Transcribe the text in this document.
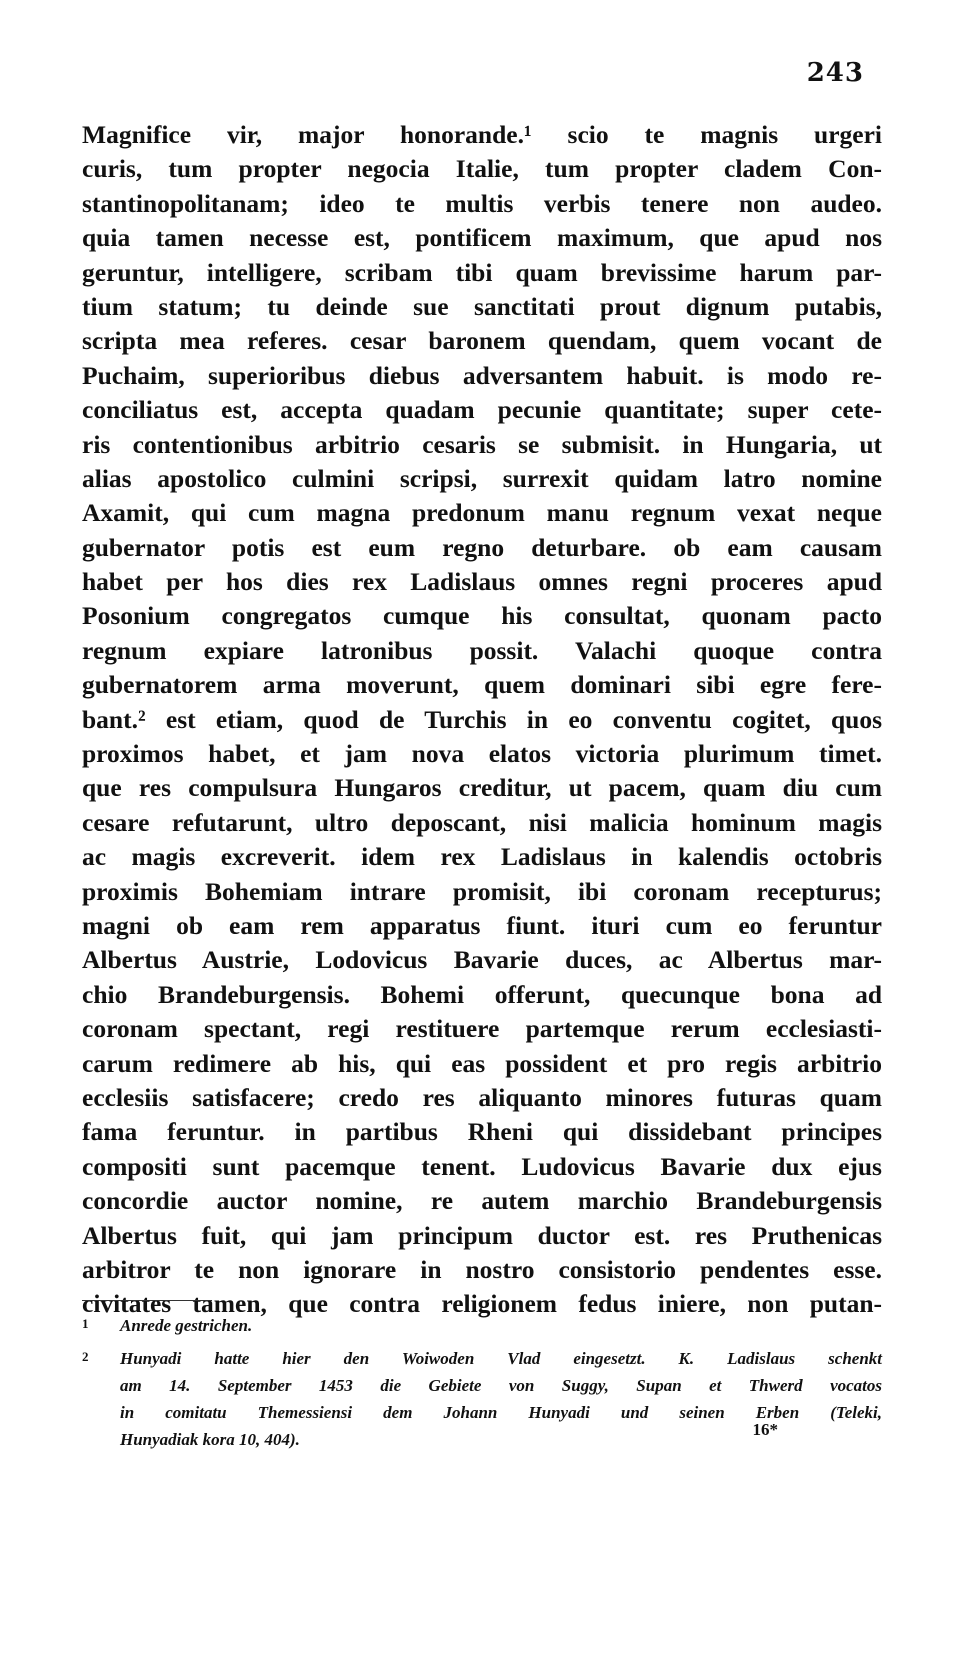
243
Magnifice vir, major honorande.¹ scio te magnis urgeri
curis, tum propter negocia Italie, tum propter cladem Con-
stantinopolitanam; ideo te multis verbis tenere non audeo.
quia tamen necesse est, pontificem maximum, que apud nos
geruntur, intelligere, scribam tibi quam brevissime harum par-
tium statum; tu deinde sue sanctitati prout dignum putabis,
scripta mea referes. cesar baronem quendam, quem vocant de
Puchaim, superioribus diebus adversantem habuit. is modo re-
conciliatus est, accepta quadam pecunie quantitate; super cete-
ris contentionibus arbitrio cesaris se submisit. in Hungaria, ut
alias apostolico culmini scripsi, surrexit quidam latro nomine
Axamit, qui cum magna predonum manu regnum vexat neque
gubernator potis est eum regno deturbare. ob eam causam
habet per hos dies rex Ladislaus omnes regni proceres apud
Posonium congregatos cumque his consultat, quonam pacto
regnum expiare latronibus possit. Valachi quoque contra
gubernatorem arma moverunt, quem dominari sibi egre fere-
bant.² est etiam, quod de Turchis in eo conventu cogitet, quos
proximos habet, et jam nova elatos victoria plurimum timet.
que res compulsura Hungaros creditur, ut pacem, quam diu cum
cesare refutarunt, ultro deposcant, nisi malicia hominum magis
ac magis excreverit. idem rex Ladislaus in kalendis octobris
proximis Bohemiam intrare promisit, ibi coronam recepturus;
magni ob eam rem apparatus fiunt. ituri cum eo feruntur
Albertus Austrie, Lodovicus Bavarie duces, ac Albertus mar-
chio Brandeburgensis. Bohemi offerunt, quecunque bona ad
coronam spectant, regi restituere partemque rerum ecclesiasti-
carum redimere ab his, qui eas possident et pro regis arbitrio
ecclesiis satisfacere; credo res aliquanto minores futuras quam
fama feruntur. in partibus Rheni qui dissidebant principes
compositi sunt pacemque tenent. Ludovicus Bavarie dux ejus
concordie auctor nomine, re autem marchio Brandeburgensis
Albertus fuit, qui jam principum ductor est. res Pruthenicas
arbitror te non ignorare in nostro consistorio pendentes esse.
civitates tamen, que contra religionem fedus iniere, non putan-
1 Anrede gestrichen.
2 Hunyadi hatte hier den Woiwoden Vlad eingesetzt. K. Ladislaus schenkt
am 14. September 1453 die Gebiete von Suggy, Supan et Thwerd vocatos
in comitatu Themessiensi dem Johann Hunyadi und seinen Erben (Teleki,
Hunyadiak kora 10, 404).
16*
